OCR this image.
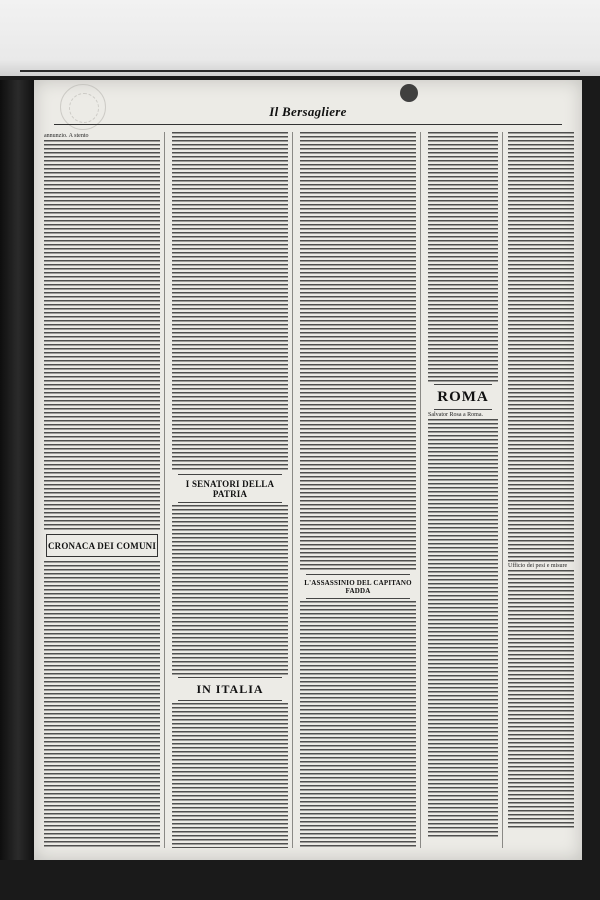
Il Bersagliere
annunzio. A stento
CRONACA DEI COMUNI
I SENATORI DELLA PATRIA
IN ITALIA
L'ASSASSINIO DEL CAPITANO FADDA
ROMA
Salvator Rosa a Roma.
Ufficio dei pesi e misure
